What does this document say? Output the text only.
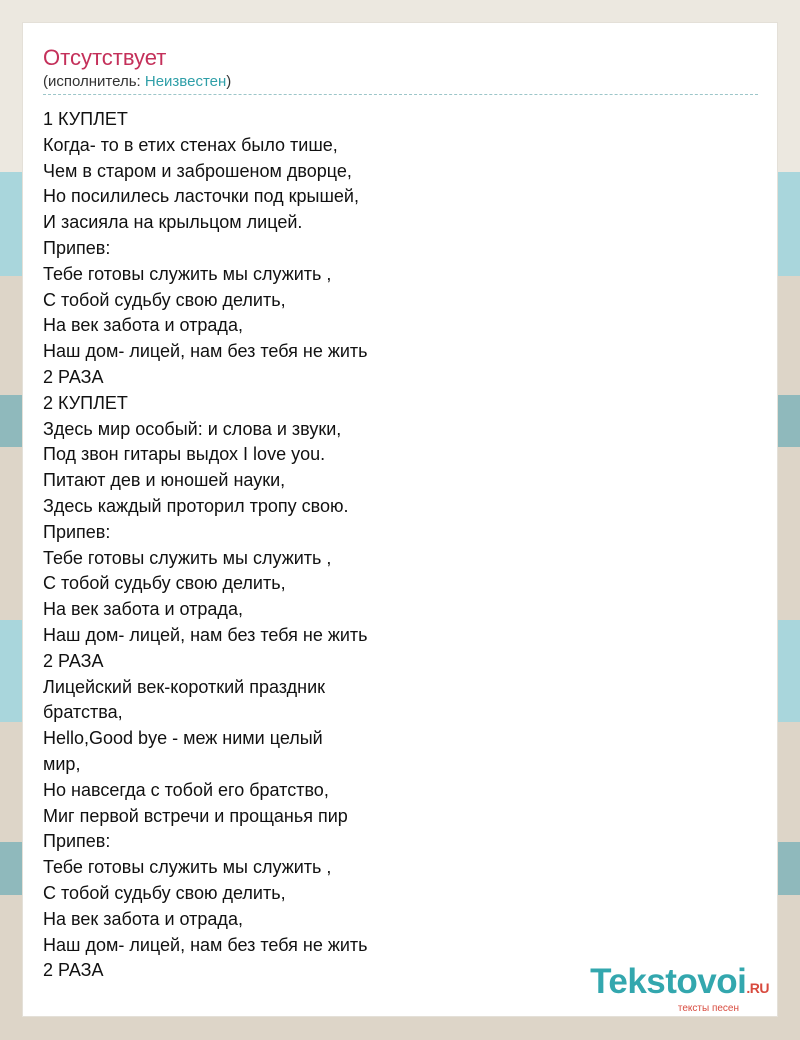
Отсутствует
(исполнитель: Неизвестен)
1 КУПЛЕТ
Когда- то в етих стенах было тише,
Чем в старом и заброшеном дворце,
Но посилилесь ласточки под крышей,
И засияла на крыльцом лицей.
Припев:
Тебе готовы служить мы служить ,
С тобой судьбу свою делить,
На век забота и отрада,
Наш дом- лицей, нам без тебя не жить
2 РАЗА
2 КУПЛЕТ
Здесь мир особый: и слова и звуки,
Под звон гитары выдох I love you.
Питают дев и юношей науки,
Здесь каждый проторил тропу свою.
Припев:
Тебе готовы служить мы служить ,
С тобой судьбу свою делить,
На век забота и отрада,
Наш дом- лицей, нам без тебя не жить
2 РАЗА
Лицейский век-короткий праздник
братства,
Hello,Good bye - меж ними целый
мир,
Но навсегда с тобой его братство,
Миг первой встречи и прощанья пир
Припев:
Тебе готовы служить мы служить ,
С тобой судьбу свою делить,
На век забота и отрада,
Наш дом- лицей, нам без тебя не жить
2 РАЗА	Tekstovoi.RU
тексты песен
